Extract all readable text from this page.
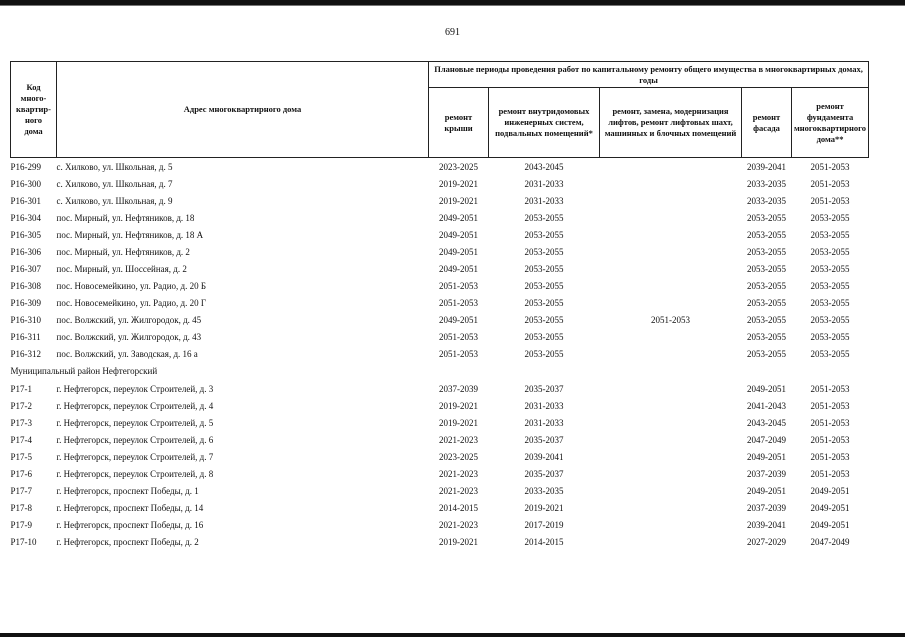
691
Код
много-
квартир-
ного
дома	Адрес многоквартирного дома	Плановые периоды проведения работ по капитальному ремонту общего имущества в многоквартирных домах, годы				
		ремонт крыши	ремонт внутридомовых инженерных систем, подвальных помещений*	ремонт, замена, модернизация лифтов, ремонт лифтовых шахт, машинных и блочных помещений	ремонт фасада	ремонт фундамента многоквартирного дома**
Р16-299	с. Хилково, ул. Школьная, д. 5	2023-2025	2043-2045		2039-2041	2051-2053
Р16-300	с. Хилково, ул. Школьная, д. 7	2019-2021	2031-2033		2033-2035	2051-2053
Р16-301	с. Хилково, ул. Школьная, д. 9	2019-2021	2031-2033		2033-2035	2051-2053
Р16-304	пос. Мирный, ул. Нефтяников, д. 18	2049-2051	2053-2055		2053-2055	2053-2055
Р16-305	пос. Мирный, ул. Нефтяников, д. 18 А	2049-2051	2053-2055		2053-2055	2053-2055
Р16-306	пос. Мирный, ул. Нефтяников, д. 2	2049-2051	2053-2055		2053-2055	2053-2055
Р16-307	пос. Мирный, ул. Шоссейная, д. 2	2049-2051	2053-2055		2053-2055	2053-2055
Р16-308	пос. Новосемейкино, ул. Радио, д. 20 Б	2051-2053	2053-2055		2053-2055	2053-2055
Р16-309	пос. Новосемейкино, ул. Радио, д. 20 Г	2051-2053	2053-2055		2053-2055	2053-2055
Р16-310	пос. Волжский, ул. Жилгородок, д. 45	2049-2051	2053-2055	2051-2053	2053-2055	2053-2055
Р16-311	пос. Волжский, ул. Жилгородок, д. 43	2051-2053	2053-2055		2053-2055	2053-2055
Р16-312	пос. Волжский, ул. Заводская, д. 16 а	2051-2053	2053-2055		2053-2055	2053-2055
Муниципальный район Нефтегорский						
Р17-1	г. Нефтегорск, переулок Строителей, д. 3	2037-2039	2035-2037		2049-2051	2051-2053
Р17-2	г. Нефтегорск, переулок Строителей, д. 4	2019-2021	2031-2033		2041-2043	2051-2053
Р17-3	г. Нефтегорск, переулок Строителей, д. 5	2019-2021	2031-2033		2043-2045	2051-2053
Р17-4	г. Нефтегорск, переулок Строителей, д. 6	2021-2023	2035-2037		2047-2049	2051-2053
Р17-5	г. Нефтегорск, переулок Строителей, д. 7	2023-2025	2039-2041		2049-2051	2051-2053
Р17-6	г. Нефтегорск, переулок Строителей, д. 8	2021-2023	2035-2037		2037-2039	2051-2053
Р17-7	г. Нефтегорск, проспект Победы, д. 1	2021-2023	2033-2035		2049-2051	2049-2051
Р17-8	г. Нефтегорск, проспект Победы, д. 14	2014-2015	2019-2021		2037-2039	2049-2051
Р17-9	г. Нефтегорск, проспект Победы, д. 16	2021-2023	2017-2019		2039-2041	2049-2051
Р17-10	г. Нефтегорск, проспект Победы, д. 2	2019-2021	2014-2015		2027-2029	2047-2049
